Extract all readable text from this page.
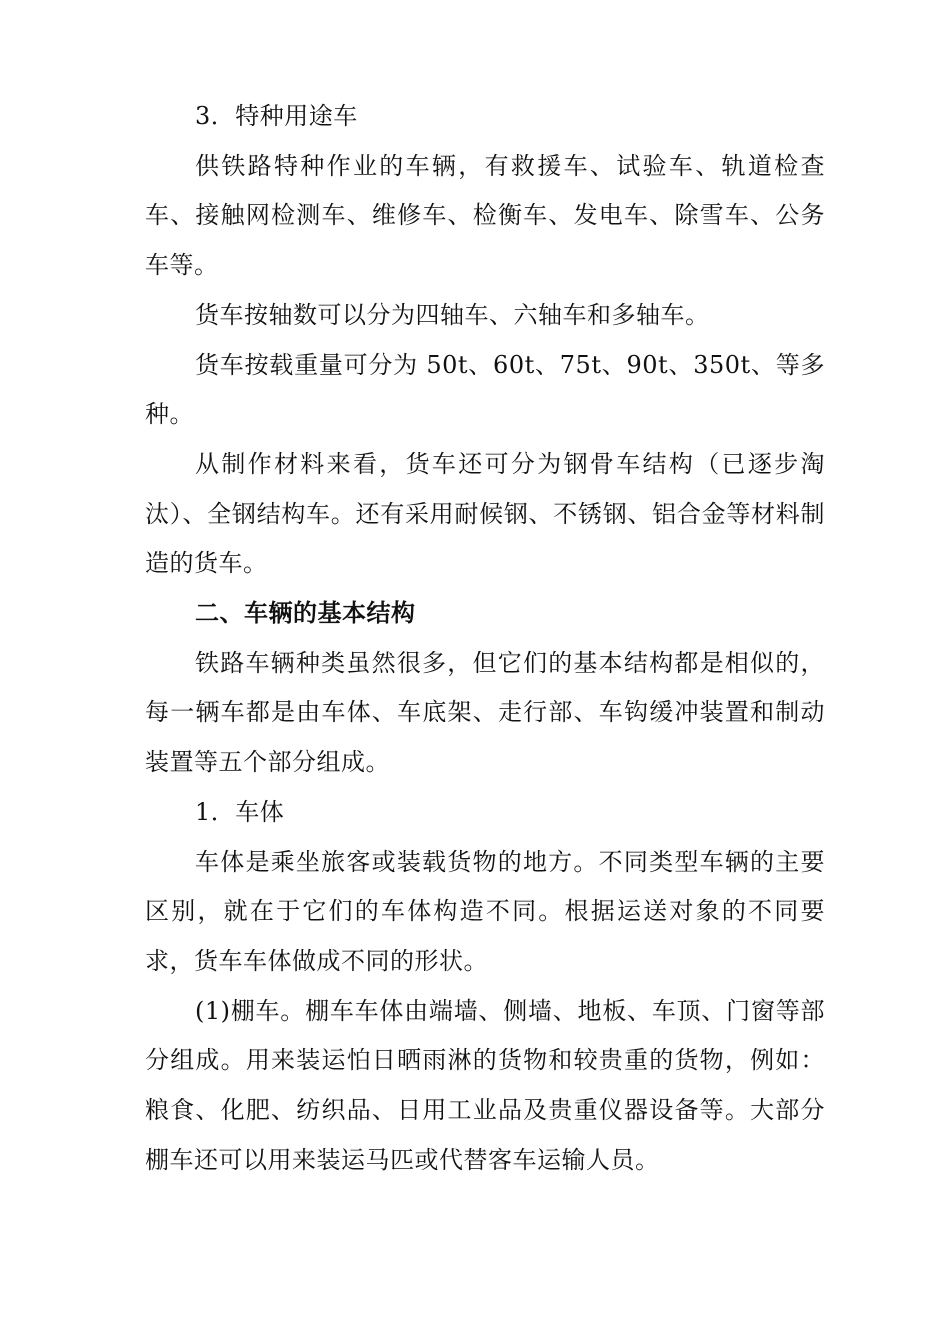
3．特种用途车

供铁路特种作业的车辆，有救援车、试验车、轨道检查车、接触网检测车、维修车、检衡车、发电车、除雪车、公务车等。

货车按轴数可以分为四轴车、六轴车和多轴车。

货车按载重量可分为 50t、60t、75t、90t、350t、等多种。

从制作材料来看，货车还可分为钢骨车结构（已逐步淘汰）、全钢结构车。还有采用耐候钢、不锈钢、铝合金等材料制造的货车。

二、车辆的基本结构

铁路车辆种类虽然很多，但它们的基本结构都是相似的，每一辆车都是由车体、车底架、走行部、车钩缓冲装置和制动装置等五个部分组成。

1．车体

车体是乘坐旅客或装载货物的地方。不同类型车辆的主要区别，就在于它们的车体构造不同。根据运送对象的不同要求，货车车体做成不同的形状。

(1)棚车。棚车车体由端墙、侧墙、地板、车顶、门窗等部分组成。用来装运怕日晒雨淋的货物和较贵重的货物，例如：粮食、化肥、纺织品、日用工业品及贵重仪器设备等。大部分棚车还可以用来装运马匹或代替客车运输人员。
